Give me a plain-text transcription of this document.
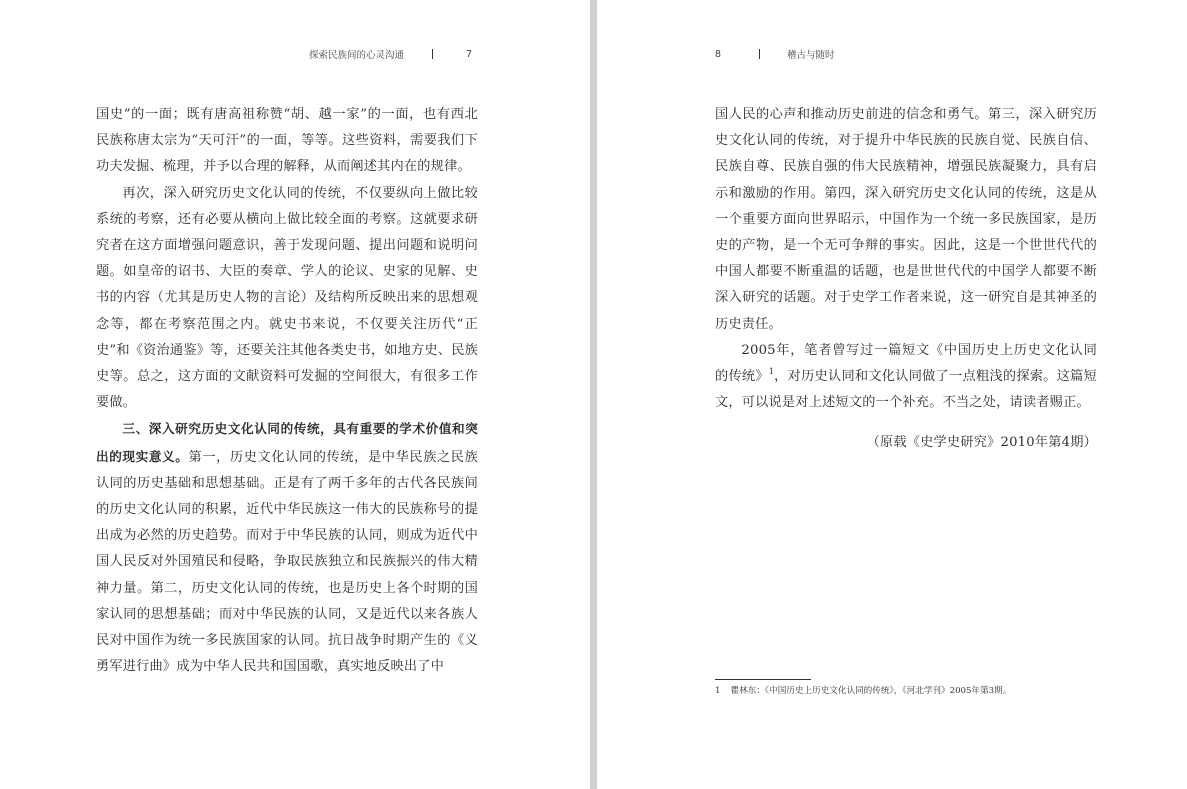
探索民族间的心灵沟通	7

国史”的一面；既有唐高祖称赞“胡、越一家”的一面，也有西北民族称唐太宗为“天可汗”的一面，等等。这些资料，需要我们下功夫发掘、梳理，并予以合理的解释，从而阐述其内在的规律。

再次，深入研究历史文化认同的传统，不仅要纵向上做比较系统的考察，还有必要从横向上做比较全面的考察。这就要求研究者在这方面增强问题意识，善于发现问题、提出问题和说明问题。如皇帝的诏书、大臣的奏章、学人的论议、史家的见解、史书的内容（尤其是历史人物的言论）及结构所反映出来的思想观念等，都在考察范围之内。就史书来说，不仅要关注历代“正史”和《资治通鉴》等，还要关注其他各类史书，如地方史、民族史等。总之，这方面的文献资料可发掘的空间很大，有很多工作要做。

三、深入研究历史文化认同的传统，具有重要的学术价值和突出的现实意义。第一，历史文化认同的传统，是中华民族之民族认同的历史基础和思想基础。正是有了两千多年的古代各民族间的历史文化认同的积累，近代中华民族这一伟大的民族称号的提出成为必然的历史趋势。而对于中华民族的认同，则成为近代中国人民反对外国殖民和侵略，争取民族独立和民族振兴的伟大精神力量。第二，历史文化认同的传统，也是历史上各个时期的国家认同的思想基础；而对中华民族的认同，又是近代以来各族人民对中国作为统一多民族国家的认同。抗日战争时期产生的《义勇军进行曲》成为中华人民共和国国歌，真实地反映出了中

8	稽古与随时

国人民的心声和推动历史前进的信念和勇气。第三，深入研究历史文化认同的传统，对于提升中华民族的民族自觉、民族自信、民族自尊、民族自强的伟大民族精神，增强民族凝聚力，具有启示和激励的作用。第四，深入研究历史文化认同的传统，这是从一个重要方面向世界昭示，中国作为一个统一多民族国家，是历史的产物，是一个无可争辩的事实。因此，这是一个世世代代的中国人都要不断重温的话题，也是世世代代的中国学人都要不断深入研究的话题。对于史学工作者来说，这一研究自是其神圣的历史责任。

2005年，笔者曾写过一篇短文《中国历史上历史文化认同的传统》$^1$，对历史认同和文化认同做了一点粗浅的探索。这篇短文，可以说是对上述短文的一个补充。不当之处，请读者赐正。

（原载《史学史研究》2010年第4期）

1 瞿林东：《中国历史上历史文化认同的传统》，《河北学刊》2005年第3期。
